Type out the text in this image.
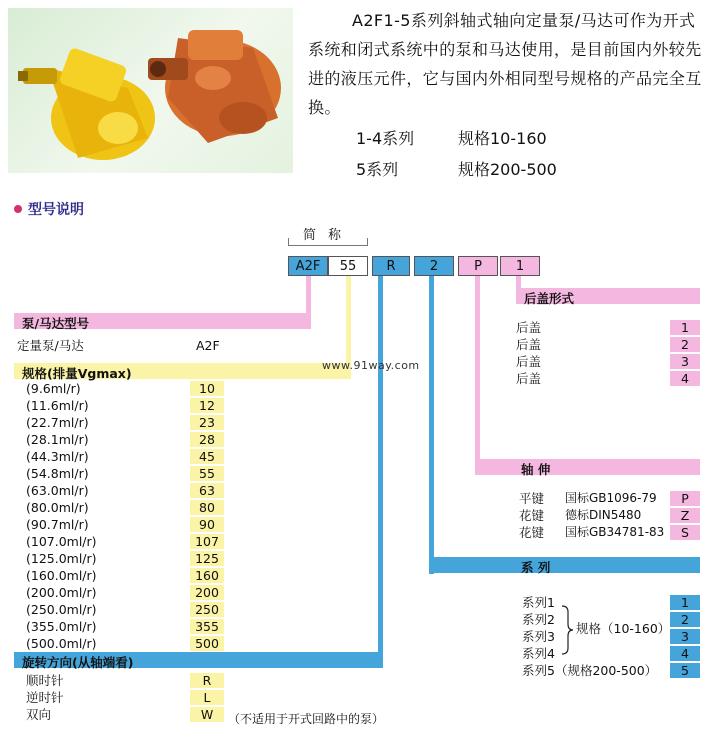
A2F1-5系列斜轴式轴向定量泵/马达可作为开式系统和闭式系统中的泵和马达使用，是目前国内外较先进的液压元件，它与国内外相同型号规格的产品完全互换。

1-4系列	规格10-160
5系列	规格200-500
型号说明
简称
A2F	55	R	2	P	1
泵/马达型号
定量泵/马达	A2F
规格(排量Vgmax)
(9.6ml/r)	10
(11.6ml/r)	12
(22.7ml/r)	23
(28.1ml/r)	28
(44.3ml/r)	45
(54.8ml/r)	55
(63.0ml/r)	63
(80.0ml/r)	80
(90.7ml/r)	90
(107.0ml/r)	107
(125.0ml/r)	125
(160.0ml/r)	160
(200.0ml/r)	200
(250.0ml/r)	250
(355.0ml/r)	355
(500.0ml/r)	500
旋转方向(从轴端看)
顺时针	R
逆时针	L
双向	W	（不适用于开式回路中的泵）
www.91way.com
后盖形式
后盖	1
后盖	2
后盖	3
后盖	4
轴 伸
平键 国标GB1096-79	P
花键 德标DIN5480	Z
花键 国标GB34781-83	S
系 列
系列1	1
系列2	2
系列3	3
系列4	4
系列5（规格200-500）	5
规格（10-160）
